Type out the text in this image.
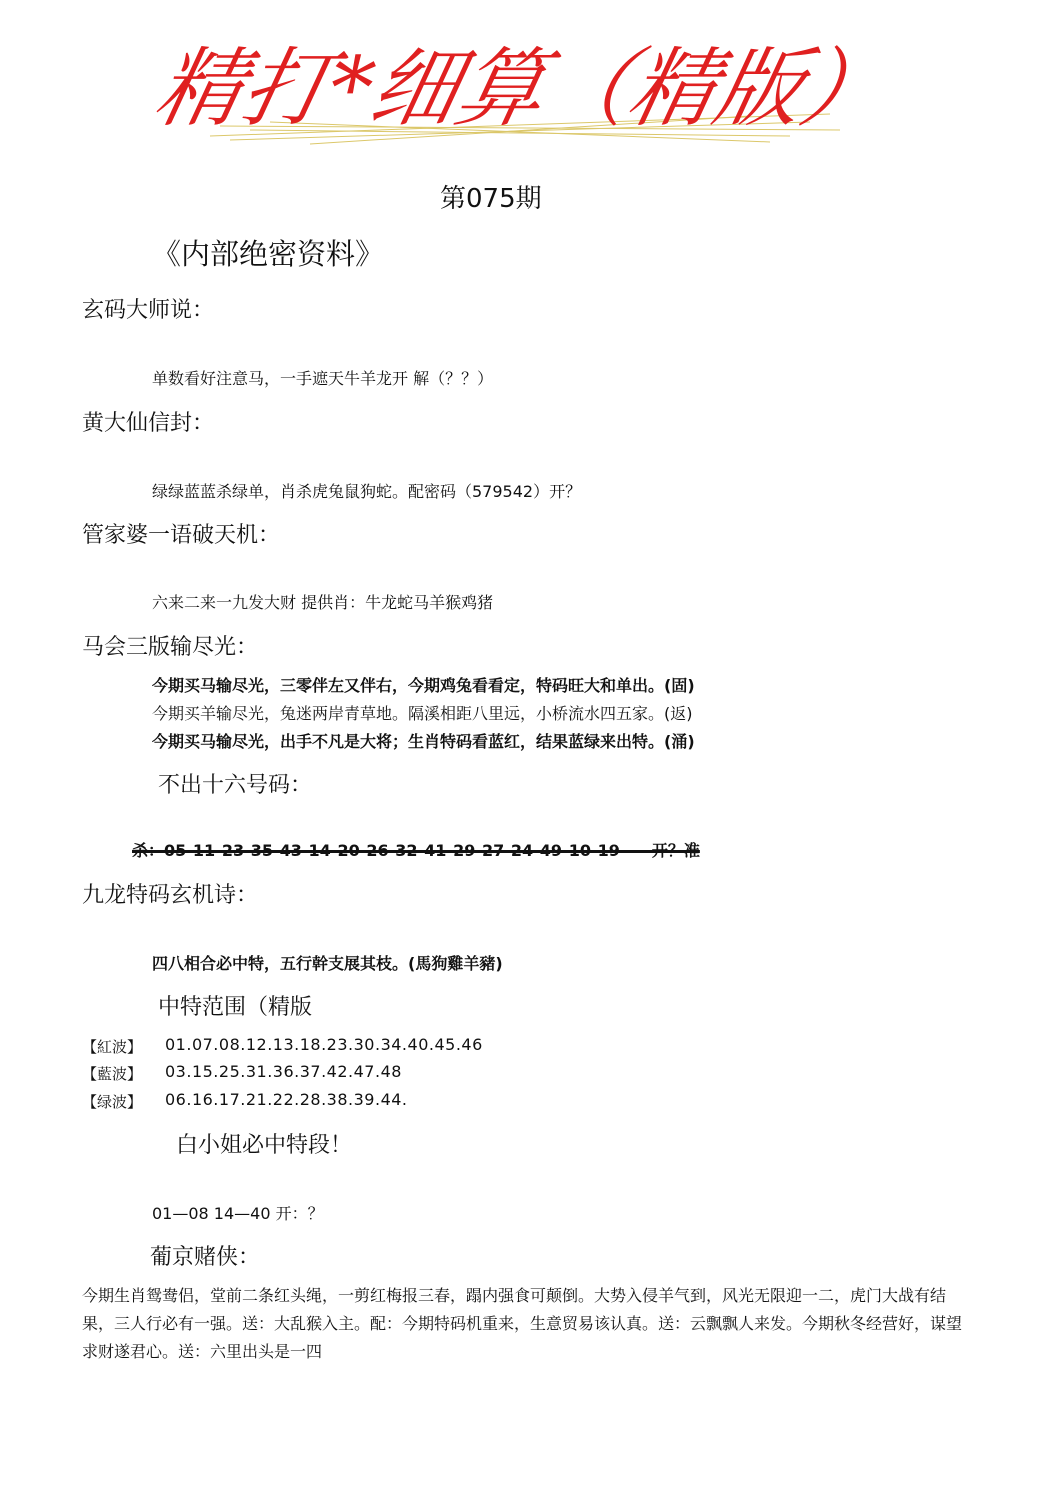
精打*细算（精版）
第075期
《内部绝密资料》
玄码大师说：
单数看好注意马，一手遮天牛羊龙开 解（？？）
黄大仙信封：
绿绿蓝蓝杀绿单，肖杀虎兔鼠狗蛇。配密码（579542）开？
管家婆一语破天机：
六来二来一九发大财 提供肖：牛龙蛇马羊猴鸡猪
马会三版输尽光：
今期买马输尽光，三零伴左又伴右，今期鸡兔看看定，特码旺大和单出。(固)
今期买羊输尽光，兔迷两岸青草地。隔溪相距八里远，小桥流水四五家。(返)
今期买马输尽光，出手不凡是大将；生肖特码看蓝红，结果蓝绿来出特。(涌)
不出十六号码：
杀：05-11-23-35-43-14-20-26-32-41-29-27-24-49-10-19——开？准
九龙特码玄机诗：
四八相合必中特，五行幹支展其枝。(馬狗雞羊豬)
中特范围（精版
【紅波】 01.07.08.12.13.18.23.30.34.40.45.46
【藍波】 03.15.25.31.36.37.42.47.48
【绿波】 06.16.17.21.22.28.38.39.44.
白小姐必中特段！
01—08 14—40 开：？
葡京赌侠：
今期生肖鸳鸯侣，堂前二条红头绳，一剪红梅报三春，蹋内强食可颠倒。大势入侵羊气到，风光无限迎一二，虎门大战有结果，三人行必有一强。送：大乱猴入主。配：今期特码机重来，生意贸易该认真。送：云飘飘人来发。今期秋冬经营好，谋望求财遂君心。送：六里出头是一四
